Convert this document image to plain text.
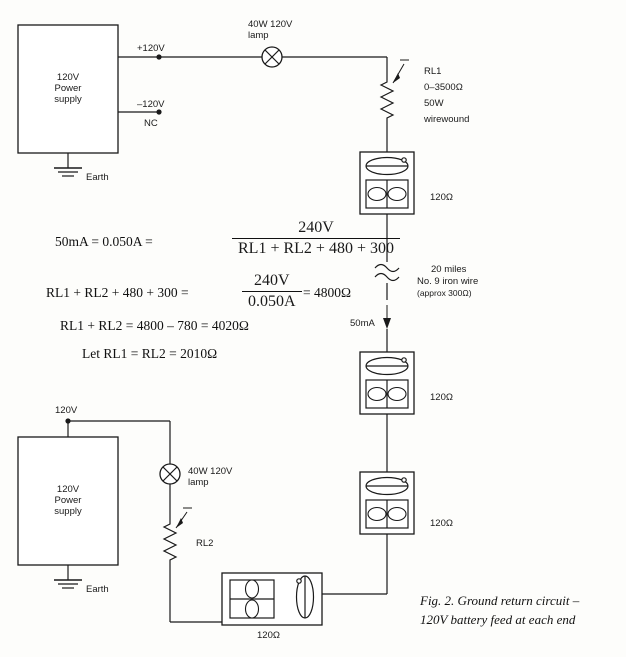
120V
Power
supply
+120V
–120V
NC
Earth
40W 120V
lamp
RL1
0–3500Ω
50W
wirewound
120Ω
120Ω
120Ω
120Ω
20 miles
No. 9 iron wire
(approx 300Ω)
50mA
120V
Power
supply
120V
Earth
40W 120V
lamp
RL2
50mA = 0.050A =	$\frac{240V}{RL1 + RL2 + 480 + 300}$
RL1 + RL2 + 480 + 300 =	$\frac{240V}{0.050A} = 4800\Omega$
RL1 + RL2 = 4800 – 780 = 4020Ω
Let RL1 = RL2 = 2010Ω
Fig. 2. Ground return circuit –
120V battery feed at each end
